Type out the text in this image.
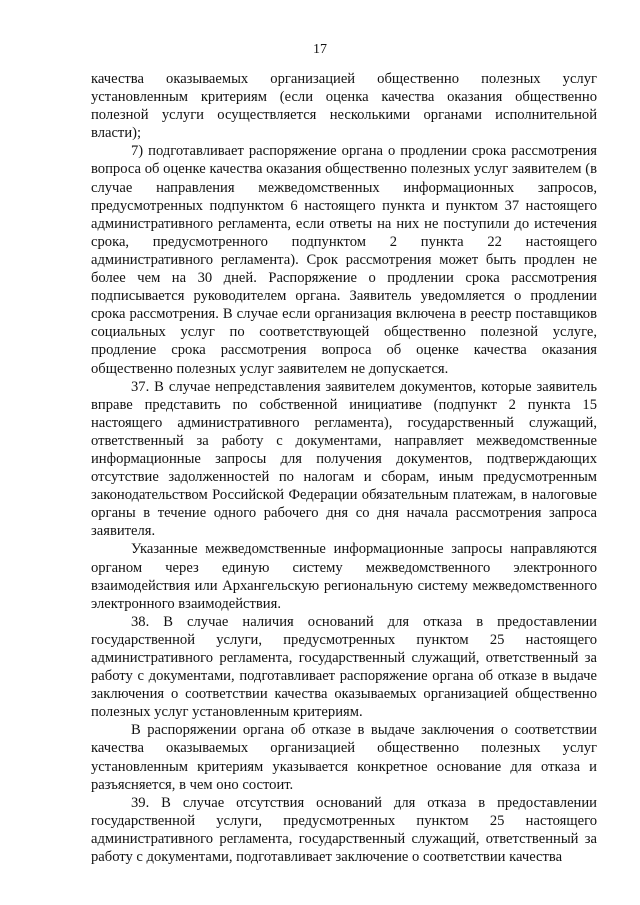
17

качества оказываемых организацией общественно полезных услуг установленным критериям (если оценка качества оказания общественно полезной услуги осуществляется несколькими органами исполнительной власти);

7) подготавливает распоряжение органа о продлении срока рассмотрения вопроса об оценке качества оказания общественно полезных услуг заявителем (в случае направления межведомственных информационных запросов, предусмотренных подпунктом 6 настоящего пункта и пунктом 37 настоящего административного регламента, если ответы на них не поступили до истечения срока, предусмотренного подпунктом 2 пункта 22 настоящего административного регламента). Срок рассмотрения может быть продлен не более чем на 30 дней. Распоряжение о продлении срока рассмотрения подписывается руководителем органа. Заявитель уведомляется о продлении срока рассмотрения. В случае если организация включена в реестр поставщиков социальных услуг по соответствующей общественно полезной услуге, продление срока рассмотрения вопроса об оценке качества оказания общественно полезных услуг заявителем не допускается.

37. В случае непредставления заявителем документов, которые заявитель вправе представить по собственной инициативе (подпункт 2 пункта 15 настоящего административного регламента), государственный служащий, ответственный за работу с документами, направляет межведомственные информационные запросы для получения документов, подтверждающих отсутствие задолженностей по налогам и сборам, иным предусмотренным законодательством Российской Федерации обязательным платежам, в налоговые органы в течение одного рабочего дня со дня начала рассмотрения запроса заявителя.

Указанные межведомственные информационные запросы направляются органом через единую систему межведомственного электронного взаимодействия или Архангельскую региональную систему межведомственного электронного взаимодействия.

38. В случае наличия оснований для отказа в предоставлении государственной услуги, предусмотренных пунктом 25 настоящего административного регламента, государственный служащий, ответственный за работу с документами, подготавливает распоряжение органа об отказе в выдаче заключения о соответствии качества оказываемых организацией общественно полезных услуг установленным критериям.

В распоряжении органа об отказе в выдаче заключения о соответствии качества оказываемых организацией общественно полезных услуг установленным критериям указывается конкретное основание для отказа и разъясняется, в чем оно состоит.

39. В случае отсутствия оснований для отказа в предоставлении государственной услуги, предусмотренных пунктом 25 настоящего административного регламента, государственный служащий, ответственный за работу с документами, подготавливает заключение о соответствии качества
